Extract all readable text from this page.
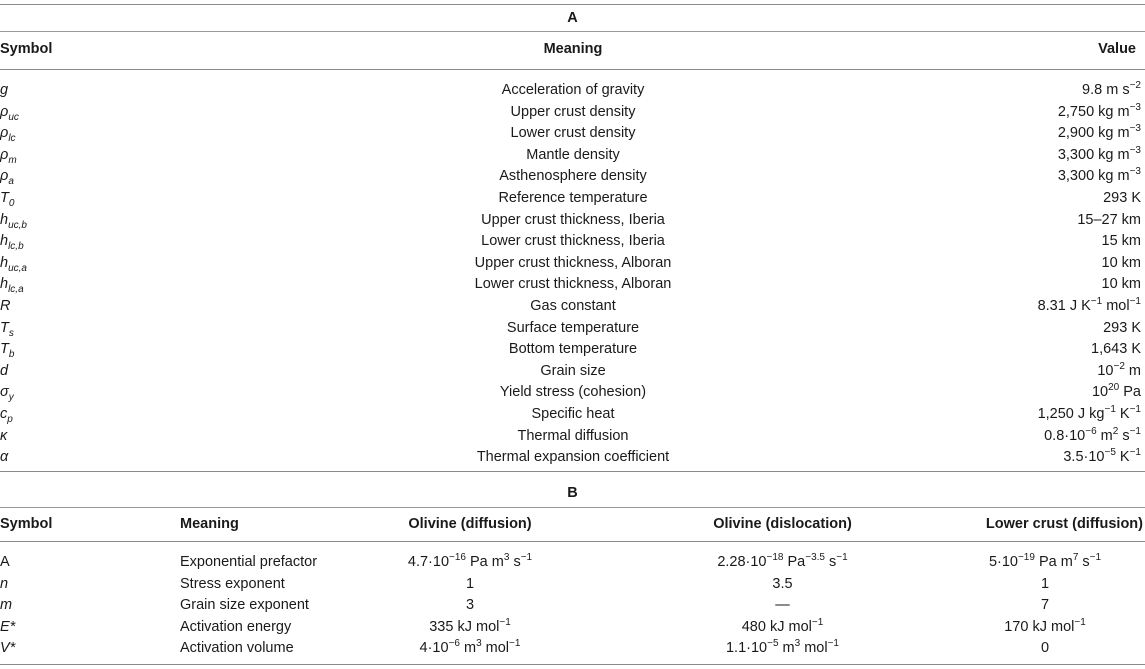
A
Symbol	Meaning	Value
g	Acceleration of gravity	9.8 m $s^{-2}$
$\rho_{uc}$	Upper crust density	2,750 kg $m^{-3}$
$\rho_{lc}$	Lower crust density	2,900 kg $m^{-3}$
$\rho_m$	Mantle density	3,300 kg $m^{-3}$
$\rho_a$	Asthenosphere density	3,300 kg $m^{-3}$
$T_0$	Reference temperature	293 K
$h_{uc,b}$	Upper crust thickness, Iberia	15–27 km
$h_{lc,b}$	Lower crust thickness, Iberia	15 km
$h_{uc,a}$	Upper crust thickness, Alboran	10 km
$h_{lc,a}$	Lower crust thickness, Alboran	10 km
R	Gas constant	8.31 J $K^{-1}$ mol$^{-1}$
$T_s$	Surface temperature	293 K
$T_b$	Bottom temperature	1,643 K
d	Grain size	$10^{-2}$ m
$\sigma_y$	Yield stress (cohesion)	$10^{20}$ Pa
$c_p$	Specific heat	1,250 J $kg^{-1}$ $K^{-1}$
κ	Thermal diffusion	$0.8\cdot 10^{-6}$ $m^2$ $s^{-1}$
α	Thermal expansion coefficient	$3.5\cdot 10^{-5}$ $K^{-1}$
B
Symbol	Meaning	Olivine (diffusion)	Olivine (dislocation)	Lower crust (diffusion)
A	Exponential prefactor	$4.7\cdot 10^{-16}$ Pa $m^3$ $s^{-1}$	$2.28\cdot 10^{-18}$ $Pa^{-3.5}$ $s^{-1}$	$5\cdot 10^{-19}$ Pa $m^7$ $s^{-1}$
n	Stress exponent	1	3.5	1
m	Grain size exponent	3	—	7
E*	Activation energy	335 kJ mol$^{-1}$	480 kJ mol$^{-1}$	170 kJ mol$^{-1}$
V*	Activation volume	$4\cdot 10^{-6}$ $m^3$ mol$^{-1}$	$1.1\cdot 10^{-5}$ $m^3$ mol$^{-1}$	0
